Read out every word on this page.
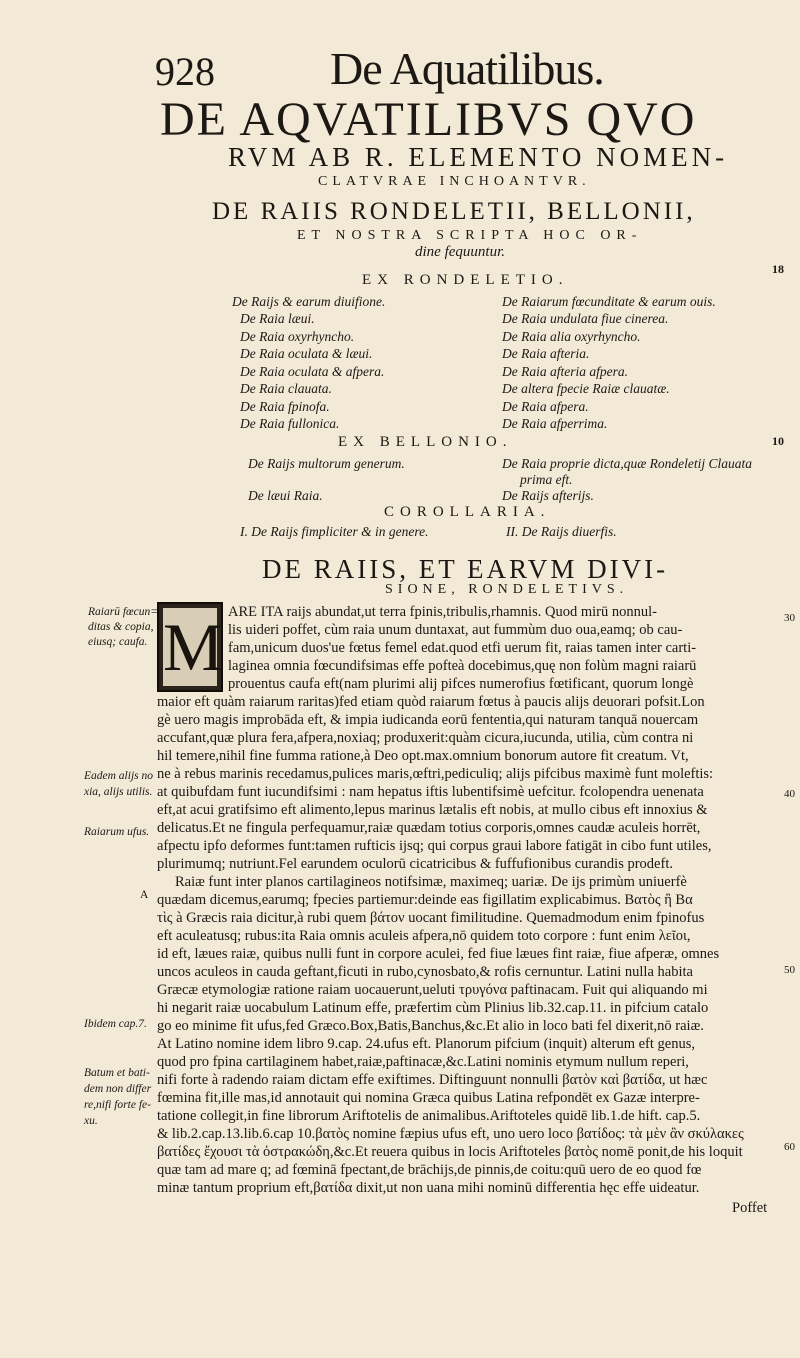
928	De Aquatilibus.
DE AQVATILIBVS QVO
RVM AB R. ELEMENTO NOMEN-
CLATVRAE INCHOANTVR.
DE RAIIS RONDELETII, BELLONII,
ET NOSTRA SCRIPTA HOC OR-
dine fequuntur.
18
10
EX RONDELETIO.
De Raijs & earum diuifione.
De Raia læui.
De Raia oxyrhyncho.
De Raia oculata & læui.
De Raia oculata & afpera.
De Raia clauata.
De Raia fpinofa.
De Raia fullonica.
De Raiarum fœcunditate & earum ouis.
De Raia undulata fiue cinerea.
De Raia alia oxyrhyncho.
De Raia afteria.
De Raia afteria afpera.
De altera fpecie Raiæ clauatæ.
De Raia afpera.
De Raia afperrima.
EX BELLONIO.
De Raijs multorum generum.
De læui Raia.
De Raia proprie dicta,quæ Rondeletij Clauata
prima eft.
De Raijs afterijs.
COROLLARIA.
I. De Raijs fimpliciter & in genere.	II. De Raijs diuerfis.
DE RAIIS, ET EARVM DIVI-
SIONE, RONDELETIVS.
M
Raiarū fœcun=
ditas & copia,
eiusq; caufa.
Eadem alijs no
xia, alijs utilis.
Raiarum ufus.
A
Ibidem cap.7.
Batum et bati-
dem non differ
re,nifi forte fe-
xu.
30
40
50
60
ARE ITA raijs abundat,ut terra fpinis,tribulis,rhamnis. Quod mirū nonnul-
lis uideri poffet, cùm raia unum duntaxat, aut fummùm duo oua,eamq; ob cau-
fam,unicum duos'ue fœtus femel edat.quod etfi uerum fit, raias tamen inter carti-
laginea omnia fœcundifsimas effe pofteà docebimus,quę non folùm magni raiarū
prouentus caufa eft(nam plurimi alij pifces numerofius fœtificant, quorum longè
maior eft quàm raiarum raritas)fed etiam quòd raiarum fœtus à paucis alijs deuorari pofsit.Lon
gè uero magis improbāda eft, & impia iudicanda eorū fententia,qui naturam tanquā nouercam
accufant,quæ plura fera,afpera,noxiaq; produxerit:quàm cicura,iucunda, utilia, cùm contra ni
hil temere,nihil fine fumma ratione,à Deo opt.max.omnium bonorum autore fit creatum. Vt,
ne à rebus marinis recedamus,pulices maris,œftri,pediculiq; alijs pifcibus maximè funt moleftis:
at quibufdam funt iucundifsimi : nam hepatus iftis lubentifsimè uefcitur. fcolopendra uenenata
eft,at acui gratifsimo eft alimento,lepus marinus lætalis eft nobis, at mullo cibus eft innoxius &
delicatus.Et ne fingula perfequamur,raiæ quædam totius corporis,omnes caudæ aculeis horrēt,
afpectu ipfo deformes funt:tamen rufticis ijsq; qui corpus graui labore fatigāt in cibo funt utiles,
plurimumq; nutriunt.Fel earundem oculorū cicatricibus & fuffufionibus curandis prodeft.
Raiæ funt inter planos cartilagineos notifsimæ, maximeq; uariæ. De ijs primùm uniuerfè
quædam dicemus,earumq; fpecies partiemur:deinde eas figillatim explicabimus. Βατὸς ἢ Βα
τὶς à Græcis raia dicitur,à rubi quem βάτον uocant fimilitudine. Quemadmodum enim fpinofus
eft aculeatusq; rubus:ita Raia omnis aculeis afpera,nō quidem toto corpore : funt enim λεῖοι,
id eft, læues raiæ, quibus nulli funt in corpore aculei, fed fiue læues fint raiæ, fiue afperæ, omnes
uncos aculeos in cauda geftant,ficuti in rubo,cynosbato,& rofis cernuntur. Latini nulla habita
Græcæ etymologiæ ratione raiam uocauerunt,ueluti τρυγόνα paftinacam. Fuit qui aliquando mi
hi negarit raiæ uocabulum Latinum effe, præfertim cùm Plinius lib.32.cap.11. in pifcium catalo
go eo minime fit ufus,fed Græco.Box,Batis,Banchus,&c.Et alio in loco bati fel dixerit,nō raiæ.
At Latino nomine idem libro 9.cap. 24.ufus eft. Planorum pifcium (inquit) alterum eft genus,
quod pro fpina cartilaginem habet,raiæ,paftinacæ,&c.Latini nominis etymum nullum reperi,
nifi forte à radendo raiam dictam effe exiftimes. Diftinguunt nonnulli βατὸν καὶ βατίδα, ut hæc
fœmina fit,ille mas,id annotauit qui nomina Græca quibus Latina refpondēt ex Gazæ interpre-
tatione collegit,in fine librorum Ariftotelis de animalibus.Ariftoteles quidē lib.1.de hift. cap.5.
& lib.2.cap.13.lib.6.cap 10.βατὸς nomine fæpius ufus eft, uno uero loco βατίδος: τὰ μὲν ἂν σκύλακες
βατίδες ἔχουσι τὰ ὀστρακώδη,&c.Et reuera quibus in locis Ariftoteles βατὸς nomē ponit,de his loquit
quæ tam ad mare q; ad fœminā fpectant,de brāchijs,de pinnis,de coitu:quū uero de eo quod fœ
minæ tantum proprium eft,βατίδα dixit,ut non uana mihi nominū differentia hęc effe uideatur.
Poffet
